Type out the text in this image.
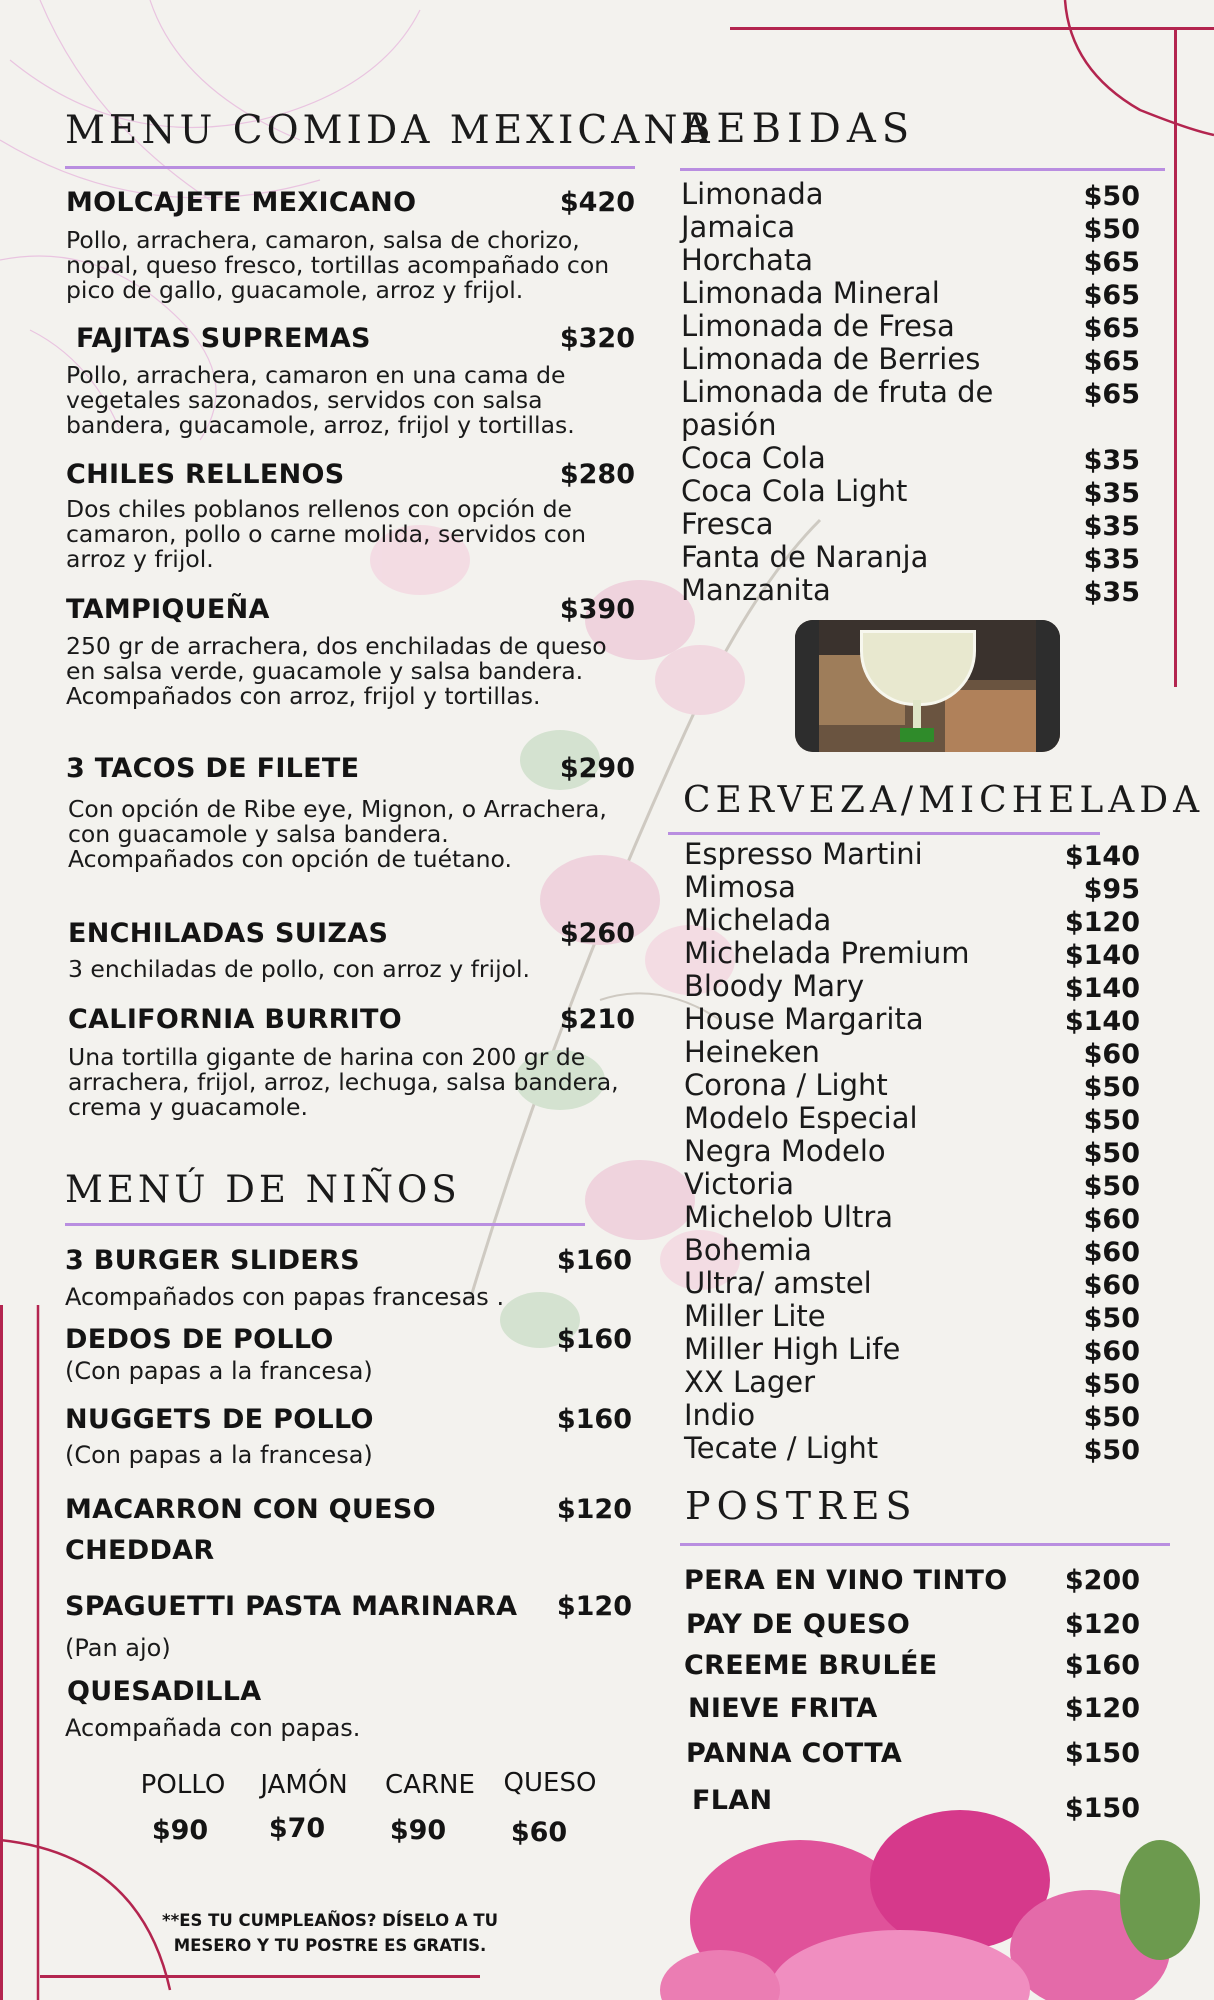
MENU COMIDA MEXICANA
MOLCAJETE MEXICANO	$420
Pollo, arrachera, camaron, salsa de chorizo, nopal, queso fresco, tortillas acompañado con pico de gallo, guacamole, arroz y frijol.
FAJITAS SUPREMAS	$320
Pollo, arrachera, camaron en una cama de vegetales sazonados, servidos con salsa bandera, guacamole, arroz, frijol y tortillas.
CHILES RELLENOS	$280
Dos chiles poblanos rellenos con opción de camaron, pollo o carne molida, servidos con arroz y frijol.
TAMPIQUEÑA	$390
250 gr de arrachera, dos enchiladas de queso en salsa verde, guacamole y salsa bandera. Acompañados con arroz, frijol y tortillas.
3 TACOS DE FILETE	$290
Con opción de Ribe eye, Mignon, o Arrachera, con guacamole y salsa bandera. Acompañados con opción de tuétano.
ENCHILADAS SUIZAS	$260
3 enchiladas de pollo, con arroz y frijol.
CALIFORNIA BURRITO	$210
Una tortilla gigante de harina con 200 gr de arrachera, frijol, arroz, lechuga, salsa bandera, crema y guacamole.
MENÚ DE NIÑOS
3 BURGER SLIDERS	$160
Acompañados con papas francesas .
DEDOS DE POLLO	$160
(Con papas a la francesa)
NUGGETS DE POLLO	$160
(Con papas a la francesa)
MACARRON CON QUESO	$120
CHEDDAR
SPAGUETTI PASTA MARINARA	$120
(Pan ajo)
QUESADILLA
Acompañada con papas.
POLLO
$90
JAMÓN
$70
CARNE
$90
QUESO
$60
**ES TU CUMPLEAÑOS? DÍSELO A TU
MESERO Y TU POSTRE ES GRATIS.
BEBIDAS
Limonada	$50
Jamaica	$50
Horchata	$65
Limonada Mineral	$65
Limonada de Fresa	$65
Limonada de Berries	$65
Limonada de fruta de	$65
pasión
Coca Cola	$35
Coca Cola Light	$35
Fresca	$35
Fanta de Naranja	$35
Manzanita	$35
CERVEZA/MICHELADA
Espresso Martini	$140
Mimosa	$95
Michelada	$120
Michelada Premium	$140
Bloody Mary	$140
House Margarita	$140
Heineken	$60
Corona / Light	$50
Modelo Especial	$50
Negra Modelo	$50
Victoria	$50
Michelob Ultra	$60
Bohemia	$60
Ultra/ amstel	$60
Miller Lite	$50
Miller High Life	$60
XX Lager	$50
Indio	$50
Tecate / Light	$50
POSTRES
PERA EN VINO TINTO	$200
PAY DE QUESO	$120
CREEME BRULÉE	$160
NIEVE FRITA	$120
PANNA COTTA	$150
FLAN	$150
